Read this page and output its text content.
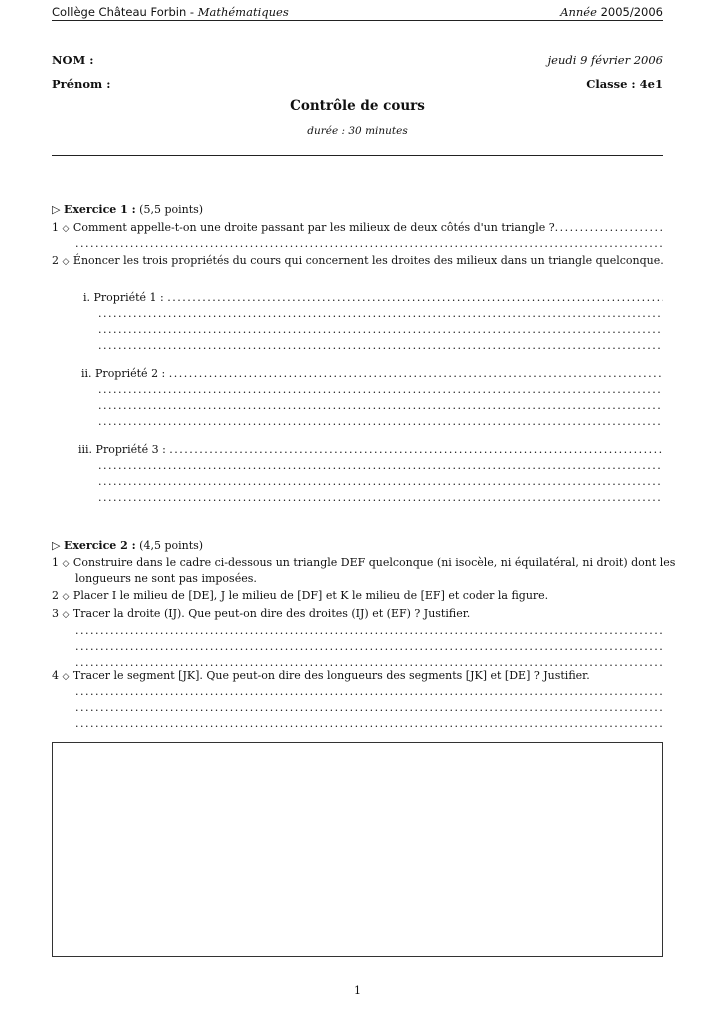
Collège Château Forbin - Mathématiques	Année 2005/2006
NOM :	jeudi 9 février 2006
Prénom :	Classe : 4e1
Contrôle de cours
durée : 30 minutes
▷ Exercice 1 :
(5,5 points)
1
◇
Comment appelle-t-on une droite passant par les milieux de deux côtés d'un triangle ?
. . .
. . .
2
◇
Énoncer les trois propriétés du cours qui concernent les droites des milieux dans un triangle quelconque.
i. Propriété 1 :

. . .
. . .
. . .
. . .
ii. Propriété 2 :

. . .
. . .
. . .
. . .
iii. Propriété 3 :

. . .
. . .
. . .
. . .
▷ Exercice 2 :
(4,5 points)
1
◇
Construire dans le cadre ci-dessous un triangle DEF quelconque (ni isocèle, ni équilatéral, ni droit) dont les
longueurs ne sont pas imposées.
2
◇
Placer I le milieu de [DE], J le milieu de [DF] et K le milieu de [EF] et coder la figure.
3
◇
Tracer la droite (IJ). Que peut-on dire des droites (IJ) et (EF) ? Justifier.
. . .
. . .
. . .
4
◇
Tracer le segment [JK]. Que peut-on dire des longueurs des segments [JK] et [DE] ? Justifier.
. . .
. . .
. . .
1
